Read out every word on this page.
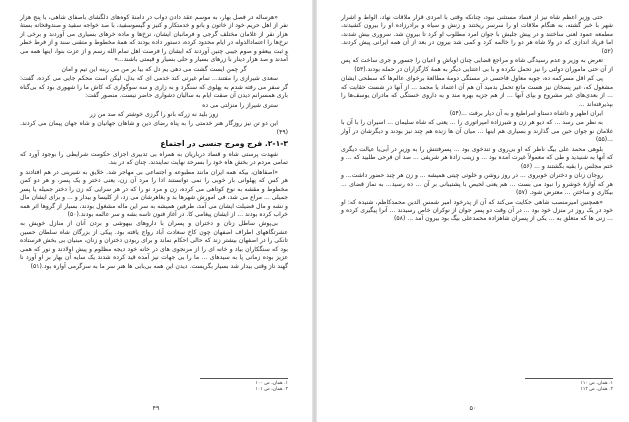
«هرساله در فصل بهار، به موسم عقد دادن دواب در دامنهٔ کوه‌های دلگشای باصفای شاهی، با پنج هزار نفر از اهل حریم خود از خاتون و بانو و خدمتکار و کنیز و گیسوسفید، با صد خواجه سفید و صندوقخانه بستهٔ هزار نفر از غلامان مختلف گرجی و فرمانبان ایشان، نرخ‌ها و ماده خرهای بسیاری می آوردند و برخی از نرخ‌ها را اعتمادالدوله در ایام محدود کرده، دستور داده بودند که همهٔ مخطوط و متقنی سند و از فرط خطر و ثبت بیعفو و صوم جیبی چنین آوردند که ایشان را فرصت اهل تمام الله رسم و از عزت بنوا، اینها همه می آمدند و صد هزار دینار با زرهای بسیار و حلی بسیار و قیمتی باشند...»

گر چمن ایست گشت می دهی یم دل که بیا بر من می ربنه این تیم و امان

سعدی شیرازی را مفتند... تمام غیرتی کند خدمی ای که بدل، لیکن است محکم جایی می کرده. گفت: گر سفر می رفته شدم به پهلوی که سنگرد و به زاری و سه سوگواری که کاش ما را شهوری بود که بی‌گناه باری همسرانم دیدن آن صفت ایام به سالیان دشواری حاضر نیست. منصور گفت:

ستری شیراز را منزلتی می ده

زور بلید نه زرکه بانو را گرزی خوشتر که صد من زر

این دو تن نیز روزگار هنر خدمتی را به پناه رضای دین و شاهان جهانیان و شاه جهان پیمان می کردند.(۴۹)

۲-۱-۳. فرج ومرج جنسی در اجتماع

شهدت پرستی شاه و قساد درباریان به همراه بی تدبیری اجزای حکومت شرایطی را بوجود آورد که تمامی مردم در بخش هاه خود را بسرحد نهایت نمایندند. چنان که در بند.

«اصفاهان، بیکه همه ایران مانند مطبوعه و اجتماعی بی مهاجر شد. خلایق به شیرینی در هم افتادند و هر کس که پهلوانی بار خوبی را نمی توانستند ادا را مرد آن زن، یعنی دختر و یک پسر، و هر دو کمن مخطوط و مقشه به نوع کوتاهی می کرده، زن و مرد نو را که در هر سرایی که زن را دختر جمیله یا پسر جمیلی ... مراع می شد، فی امورش شهرها بد و بغاهرشان می زد، از کلیسا و بیدار و ... و برای ایشان مال و نشه و مال فضیلت ایشان می آمد، طرفین همیشه به سر این ماله مشغول بودند، بسیار از گروها اثر همه خراب کرده بودند ... از ایشان پیغامی کا. در آغاز فنون تاسه بشه و سر عالمه بودند.(۵۰)

بی‌پوش ساطل زنان و دختران و پسران با داروهای بیهوشی و بردن آنان از منازل خویش به عشرتگاههای اطراف اصفهان چون کاخ سعادت آباد رواج یافته بود. پیکی از بزرگان شاه سلطان حسین تانکی را در اصفهان بیشتر زند که حالی احکام نماند و برای ربودن دختران و زنان، مبنیان بی بخش فرستاده بود که سنگکاران بیاد و خانه ای را از مرنجوی های در خانه خود دیجه مظلوم و پیش اولادند و نور که همی عزیز بوده زمانی پا به سیدهای ... ما را بی جهات نیز آمده قید کرده شدند یک سایه آن بهار بر او آورد نا گهند ناز وقتی بیدار شد بسیار بگریست. دیدن این همه بی‌بابی ها هنر سر ما به سرگرمی آواره بود.(۵۱)

۱. همان، ص ۱۰۰
۲. همان، ص ۱۰۱
۴۹

حتی وزیر اعظم شاه نیز از فساد مستثنی نبود، چنانکه وقتی با امردی قرار ملاقات نهاد، الواط و اشرار شهر با خبر گشته، به هنگام ملاقات او را سرسر ریختند و زنش و سیاه و برادرزاده او را بیرون کشیدند، مطمعه عمود لعنی ساختند و در پیش جلیش با جوان امرد مطلوب او کرد تا بیرون شد. سروری بیش شدند، اما فریاد اندازی که در ولا شاه هر دو را خالمه کرد و کمی شد بیرون در بعد از آن همه ایرانی پیش کردند. (۵۲)

تعرض به وزیر و عدم رسیدگی شاه و مراجع قضایی چنان اوباش و اعیان را جسور و جری ساخت که پس از آن حتی ماموران دولتی را نیز تحمل نکرده و با بی اعتنایی دیگر به همهٔ کارگزاران در حمله بودند.(۵۳)

پی کم اقل مسرکمه ده، جوبه معاول فاحسی در مستگی دومهٔ مطالعهٔ برخوای عالم‌ها که سطحی ایشان مشغول که، غیر پسخان نیز هست ماتع تحمل بدمید آن هم آن اعتماد یا محمد ... از آنها در شست حقایت که ... از بعدی‌های غیر مشروع و بپای آنها ... از هم جزیه بهره مند و به داروی خستگی که مادران یوسف‌ها را بپذیرفته‌اند ...

ایران اظهر و داشاه دستاو امراطیع و به آن دیار برفت ...(۵۴)

به نظر می رسد ... که دیو هر زن و شیرزاده امپراتوری را ... یعنی که شاه سلیمان ... اسیران را با آن با غلامان نو جوان حین می گذارند و بسیاری هم اینها ... میان آن ها زنده هم چند نیز بودند و دیگرشان در آوار ...(۵۵)

بلوهی محمد علی بیگ ناظر که او بی‌روی و تندخوی بود ... پسرفتنش را به وزیر در آبی‌یا عیالت دیگری که آنها به شنیدید و طی که معمولاً غیرت آمده بود ... و زینب زادهٔ هر شریفی ... صد آن فرحی طلبید که ... و ختم مجلس را بقیه بگشتند و ... (۵۶)

روجان زنان و دختران خوبروی ... در روز روشن و خلوتی چیتی همیشه ... و زن هر چند حضور داشت... و هر که آوازهٔ خوشرو را نبود می بست ... هم یعنی لحیص با پشتیبانی بر آن ... ده رسید... به نماز قضای ... بیکاری و ساختن ... معترض شود. (۵۷)

«همچنین امیرمنصب شاهی حکایت می‌کند که آن از پدرخود امیر شمس الدین محمدکاظم، شنیده که: او خود در یک روز در منزل خود بود ... در آن وقت دو پسر جوان از نوکران خاص رسیدند ... آنرا پیگیری کرده و ... زنی ها که متعلق به ... یکی از پسران شاهزاده محمدعلی بیگ بود بیرون آمد ... (۵۸)

۱. همان، ص ۱۱۰
۲. همان، ص ۱۱۲
۵۰
